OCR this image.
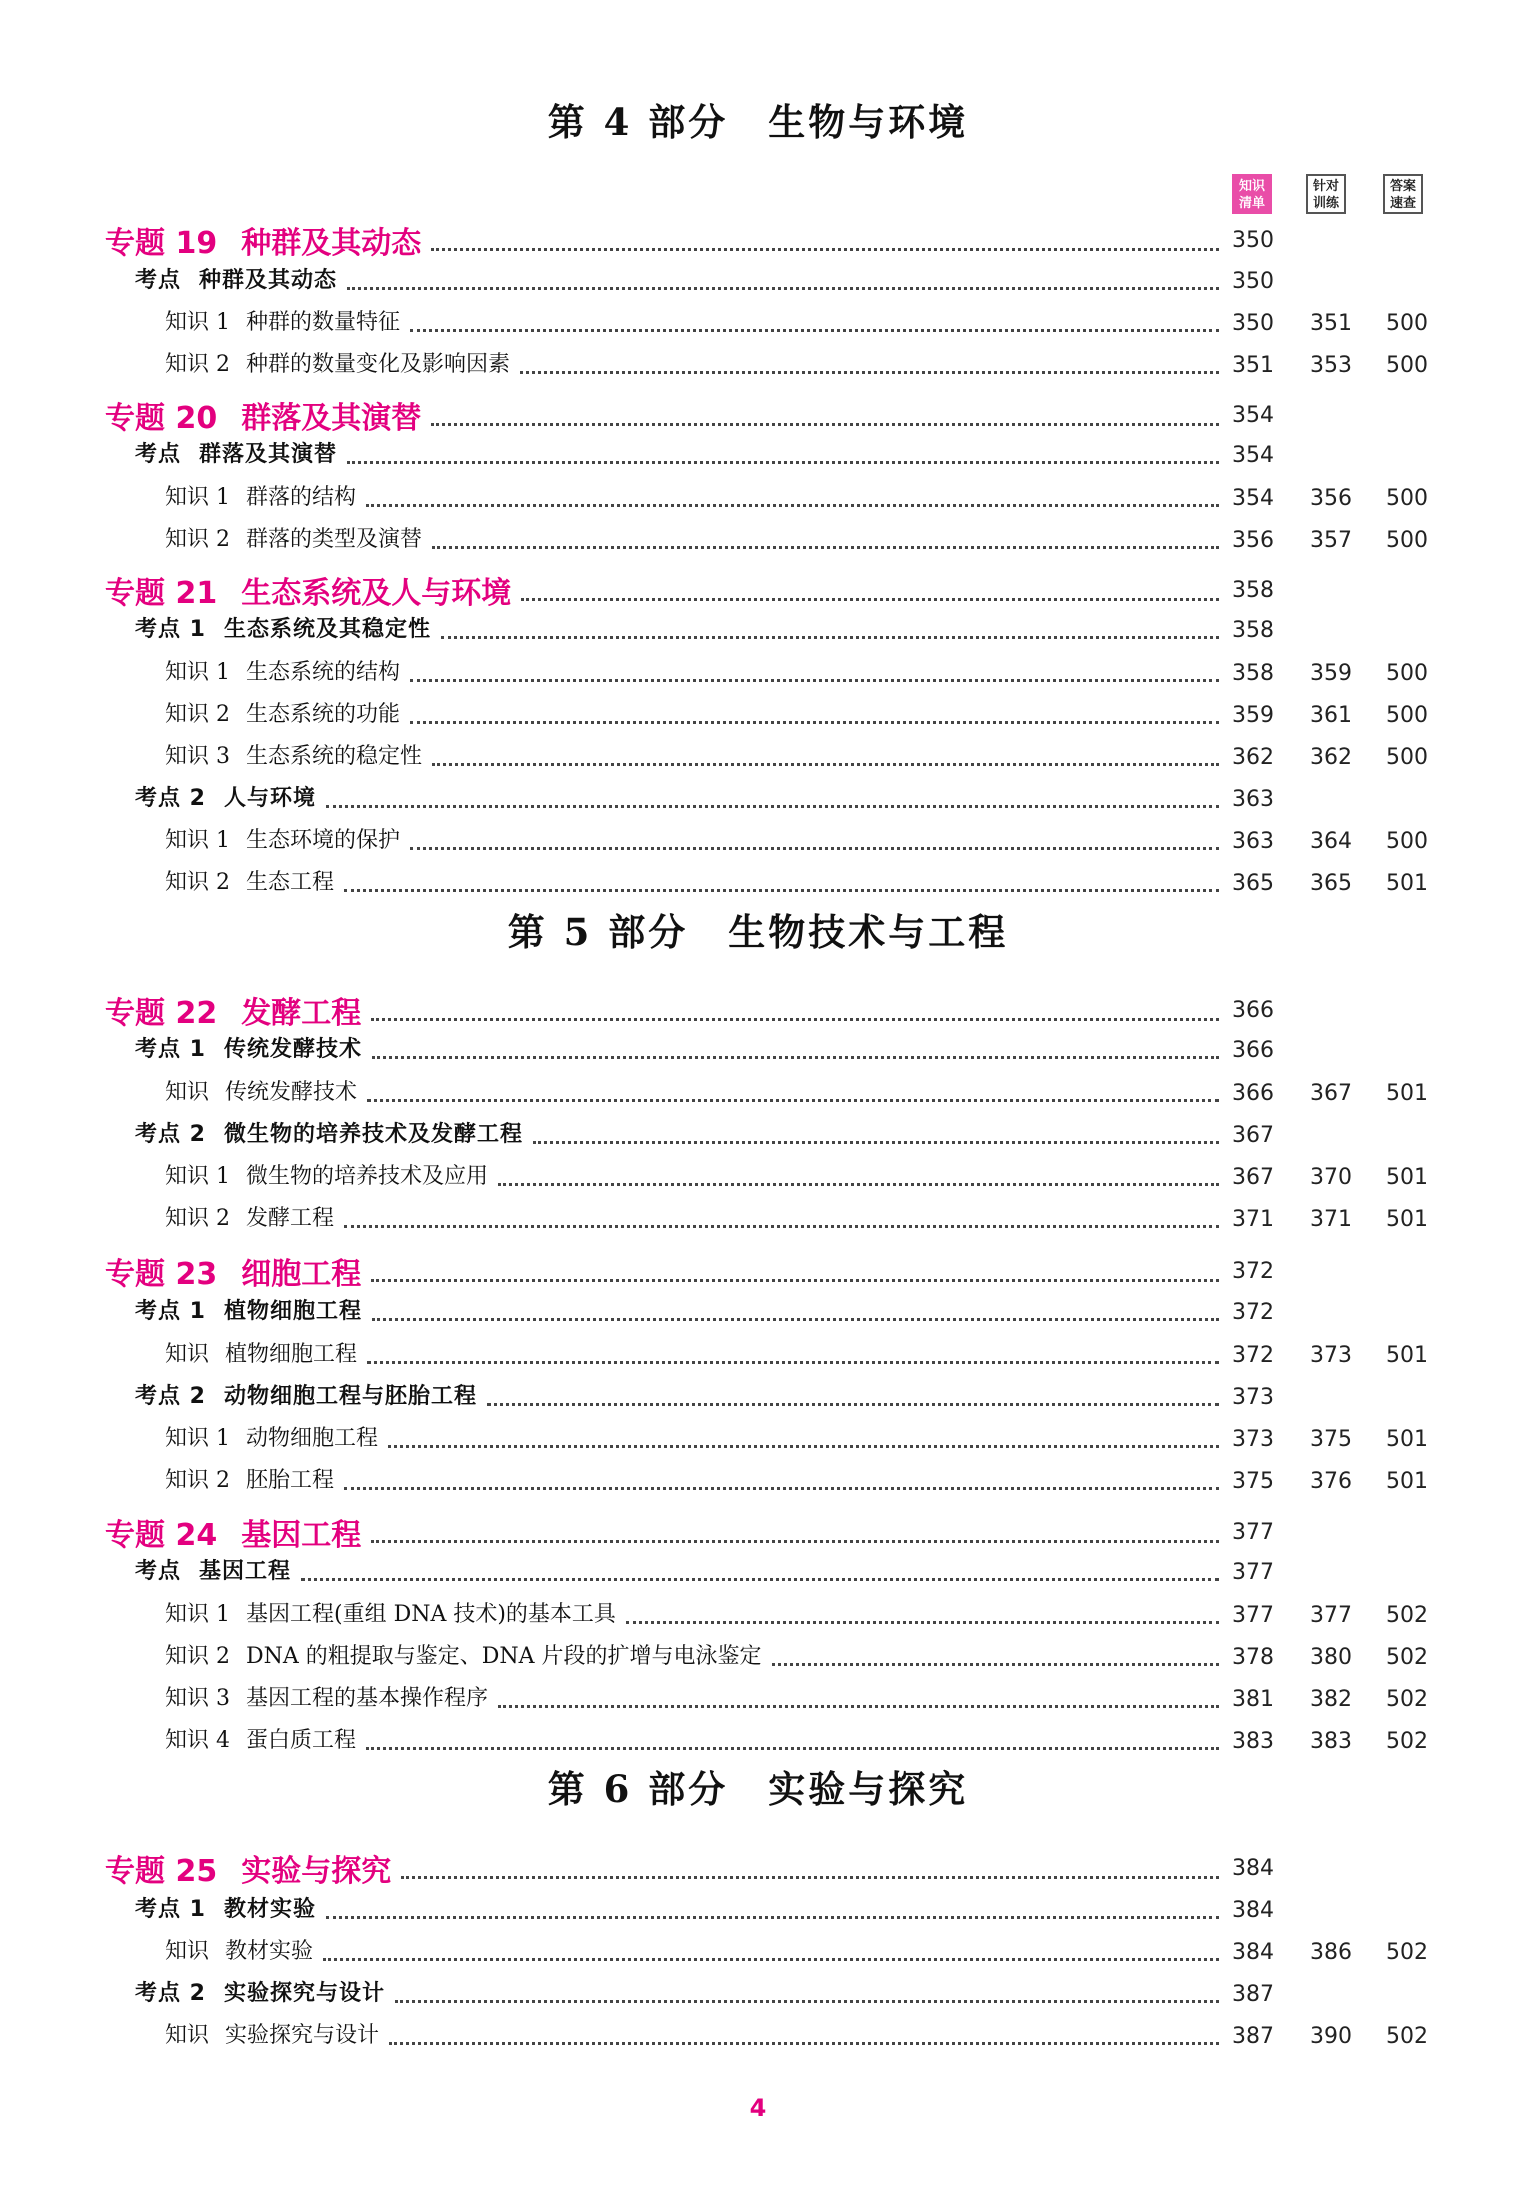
第 4 部分　生物与环境
知识清单
针对训练
答案速查
第 5 部分　生物技术与工程
第 6 部分　实验与探究
专题 19 种群及其动态	350
考点 种群及其动态	350
知识 1 种群的数量特征	350 351 500
知识 2 种群的数量变化及影响因素	351 353 500
专题 20 群落及其演替	354
考点 群落及其演替	354
知识 1 群落的结构	354 356 500
知识 2 群落的类型及演替	356 357 500
专题 21 生态系统及人与环境	358
考点 1 生态系统及其稳定性	358
知识 1 生态系统的结构	358 359 500
知识 2 生态系统的功能	359 361 500
知识 3 生态系统的稳定性	362 362 500
考点 2 人与环境	363
知识 1 生态环境的保护	363 364 500
知识 2 生态工程	365 365 501
专题 22 发酵工程	366
考点 1 传统发酵技术	366
知识 传统发酵技术	366 367 501
考点 2 微生物的培养技术及发酵工程	367
知识 1 微生物的培养技术及应用	367 370 501
知识 2 发酵工程	371 371 501
专题 23 细胞工程	372
考点 1 植物细胞工程	372
知识 植物细胞工程	372 373 501
考点 2 动物细胞工程与胚胎工程	373
知识 1 动物细胞工程	373 375 501
知识 2 胚胎工程	375 376 501
专题 24 基因工程	377
考点 基因工程	377
知识 1 基因工程(重组 DNA 技术)的基本工具	377 377 502
知识 2 DNA 的粗提取与鉴定、DNA 片段的扩增与电泳鉴定	378 380 502
知识 3 基因工程的基本操作程序	381 382 502
知识 4 蛋白质工程	383 383 502
专题 25 实验与探究	384
考点 1 教材实验	384
知识 教材实验	384 386 502
考点 2 实验探究与设计	387
知识 实验探究与设计	387 390 502
4
